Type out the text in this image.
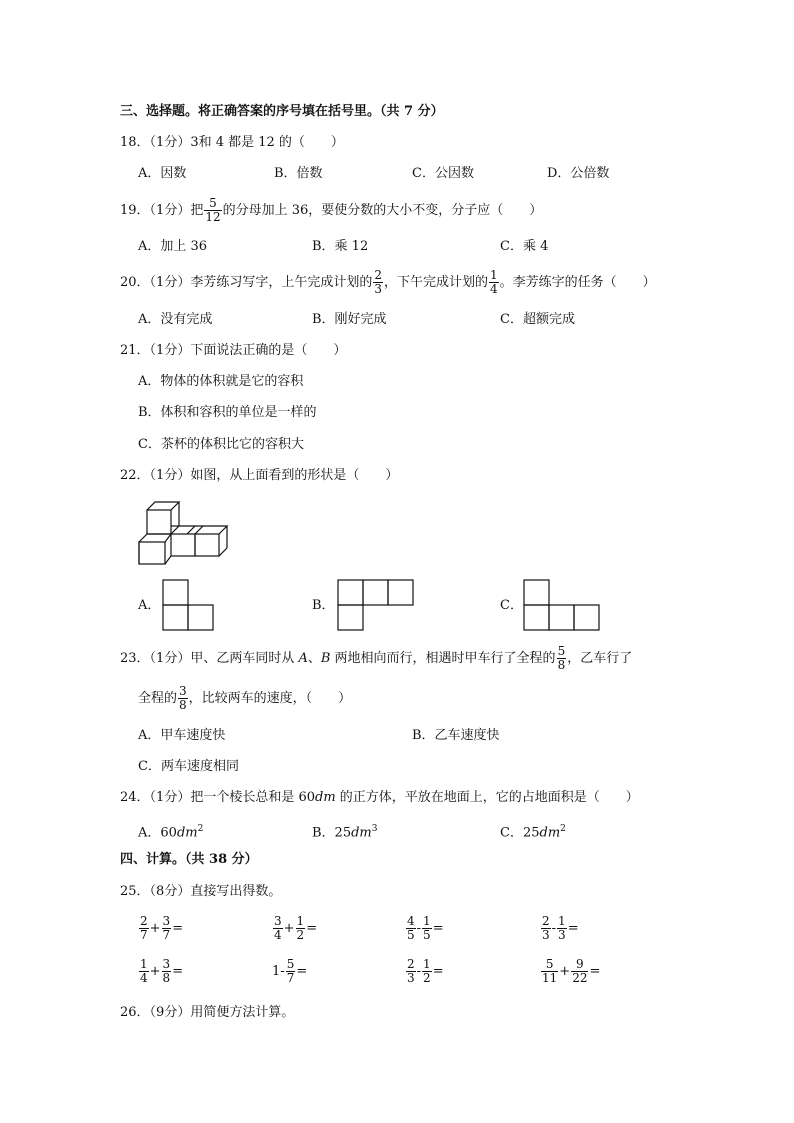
三、选择题。将正确答案的序号填在括号里。（共 7 分）
18．（1分）3和 4 都是 12 的（　　）
A．因数	B．倍数	C．公因数	D．公倍数
19．（1分）把 $\frac{5}{12}$ 的分母加上 36，要使分数的大小不变，分子应（　　）
A．加上 36	B．乘 12	C．乘 4
20．（1分）李芳练习写字，上午完成计划的 $\frac{2}{3}$ ，下午完成计划的 $\frac{1}{4}$ 。李芳练字的任务（　　）
A．没有完成	B．刚好完成	C．超额完成
21．（1分）下面说法正确的是（　　）
A．物体的体积就是它的容积
B．体积和容积的单位是一样的
C．茶杯的体积比它的容积大
22．（1分）如图，从上面看到的形状是（　　）
A．	B．	C．
23．（1分）甲、乙两车同时从 A、B 两地相向而行，相遇时甲车行了全程的 $\frac{5}{8}$ ，乙车行了
全程的 $\frac{3}{8}$ ，比较两车的速度，（　　）
A．甲车速度快	B．乙车速度快
C．两车速度相同
24．（1分）把一个棱长总和是 60dm 的正方体，平放在地面上，它的占地面积是（　　）
A．$60dm^2$	B．$25dm^3$	C．$25dm^2$
四、计算。（共 38 分）
25．（8分）直接写出得数。
$\frac{2}{7} + \frac{3}{7}$ =	$\frac{3}{4} + \frac{1}{2}$ =	$\frac{4}{5} - \frac{1}{5}$ =	$\frac{2}{3} - \frac{1}{3}$ =
$\frac{1}{4} + \frac{3}{8}$ =	$1- \frac{5}{7}$ =	$\frac{2}{3} - \frac{1}{2}$ =	$\frac{5}{11} + \frac{9}{22}$ =
26．（9分）用简便方法计算。
